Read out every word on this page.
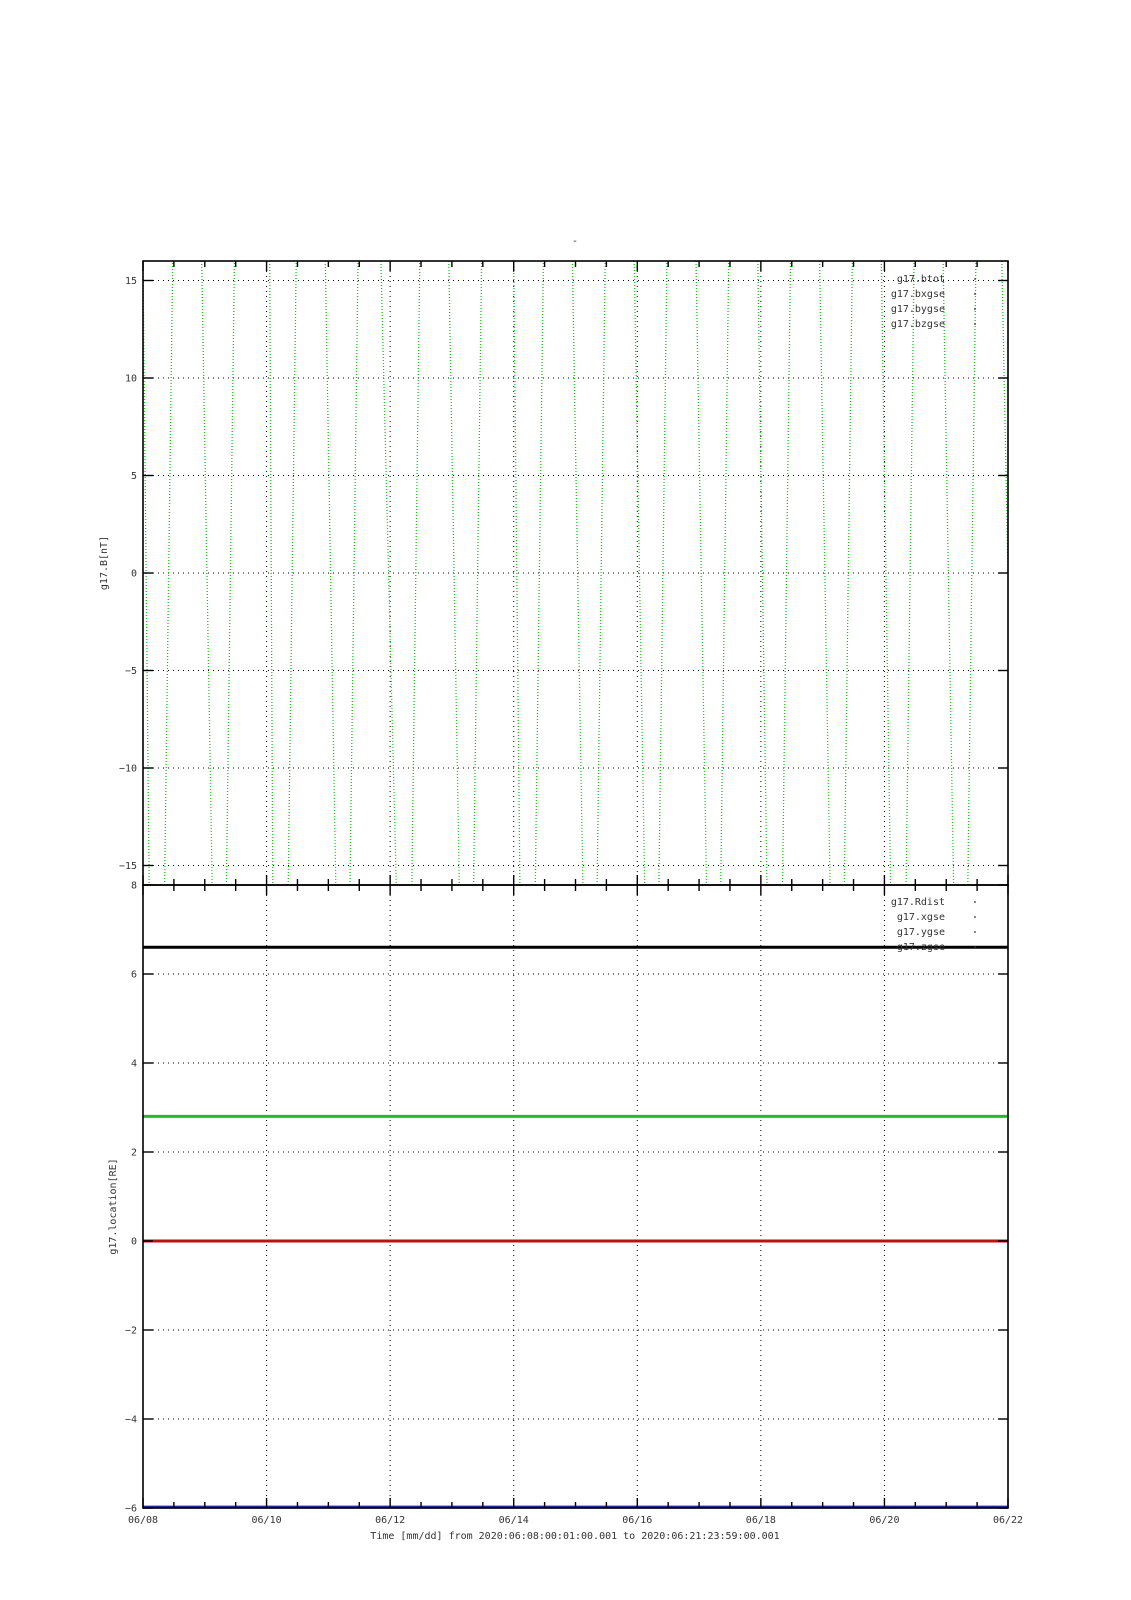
-
−15
−10
−5
0
5
10
15	g17.btot
g17.bxgse
g17.bygse
g17.bzgse
g17.B[nT]
−6
−4
−2
0
2
4
6
8
g17.Rdist
g17.xgse
g17.ygse
g17.zgse
g17.location[RE]
06/08	06/10	06/12	06/14	06/16	06/18	06/20	06/22
Time [mm/dd] from 2020:06:08:00:01:00.001 to 2020:06:21:23:59:00.001
